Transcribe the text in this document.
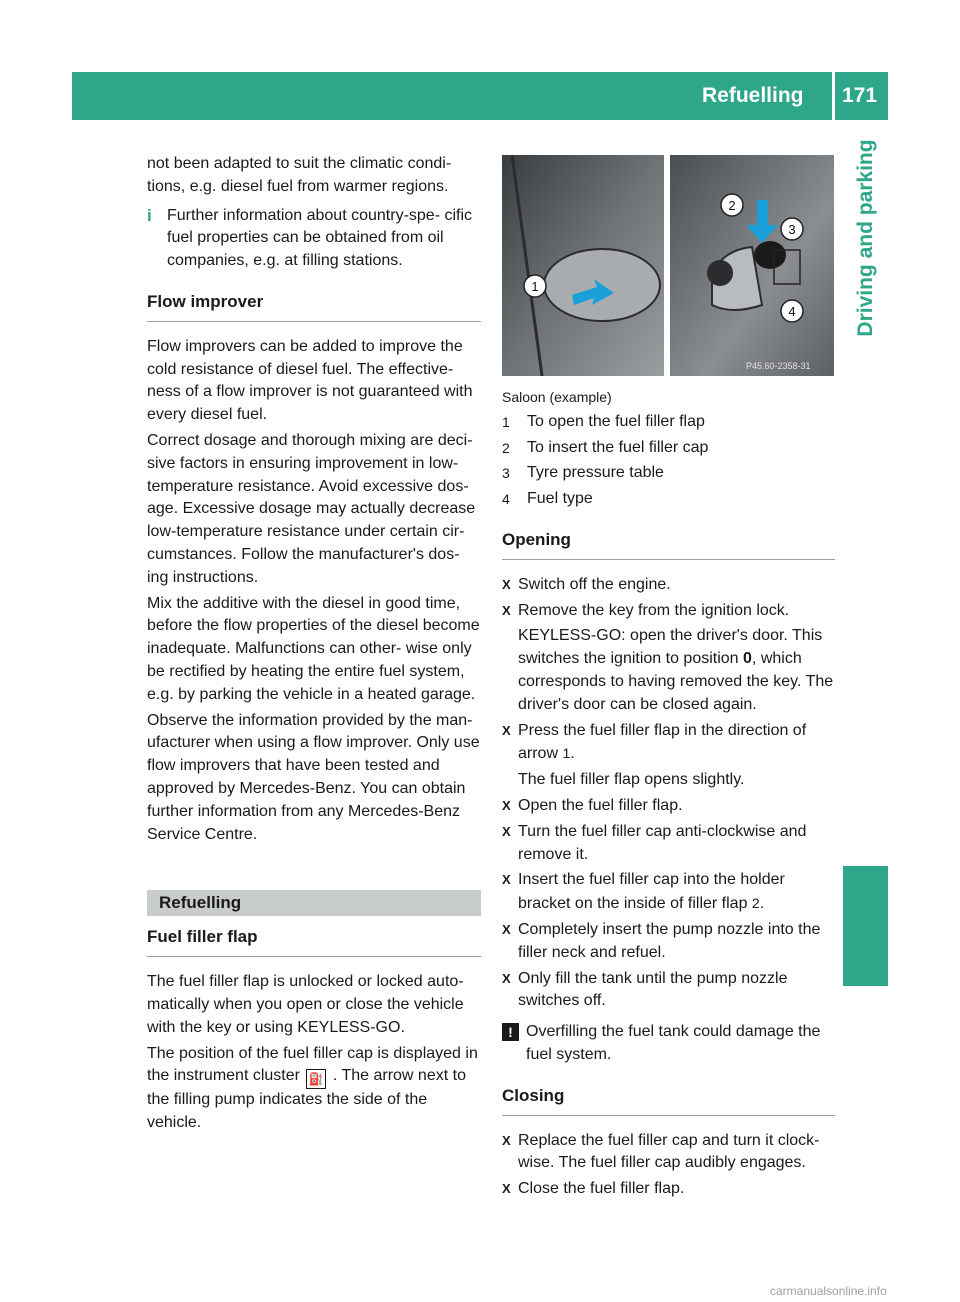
Refuelling 171
Driving and parking

not been adapted to suit the climatic condi- tions, e.g. diesel fuel from warmer regions.

i Further information about country-spe- cific fuel properties can be obtained from oil companies, e.g. at filling stations.
Flow improver

Flow improvers can be added to improve the cold resistance of diesel fuel. The effective- ness of a flow improver is not guaranteed with every diesel fuel.

Correct dosage and thorough mixing are deci- sive factors in ensuring improvement in low- temperature resistance. Avoid excessive dos- age. Excessive dosage may actually decrease low-temperature resistance under certain cir- cumstances. Follow the manufacturer's dos- ing instructions.

Mix the additive with the diesel in good time, before the flow properties of the diesel become inadequate. Malfunctions can other- wise only be rectified by heating the entire fuel system, e.g. by parking the vehicle in a heated garage.

Observe the information provided by the man- ufacturer when using a flow improver. Only use flow improvers that have been tested and approved by Mercedes-Benz. You can obtain further information from any Mercedes-Benz Service Centre.

Refuelling
Fuel filler flap

The fuel filler flap is unlocked or locked auto- matically when you open or close the vehicle with the key or using KEYLESS-GO.

The position of the fuel filler cap is displayed in the instrument cluster ⛽ . The arrow next to the filling pump indicates the side of the vehicle.

1
2
3
4
P45.60-2358-31
Saloon (example)
1	To open the fuel filler flap
2	To insert the fuel filler cap
3	Tyre pressure table
4	Fuel type
Opening
X Switch off the engine.
X Remove the key from the ignition lock.

KEYLESS-GO: open the driver's door. This switches the ignition to position 0, which corresponds to having removed the key. The driver's door can be closed again.

X Press the fuel filler flap in the direction of arrow 1.

The fuel filler flap opens slightly.

X Open the fuel filler flap.
X Turn the fuel filler cap anti-clockwise and remove it.
X Insert the fuel filler cap into the holder bracket on the inside of filler flap 2.
X Completely insert the pump nozzle into the filler neck and refuel.
X Only fill the tank until the pump nozzle switches off.
! Overfilling the fuel tank could damage the fuel system.
Closing
X Replace the fuel filler cap and turn it clock- wise. The fuel filler cap audibly engages.
X Close the fuel filler flap.
carmanualsonline.info
